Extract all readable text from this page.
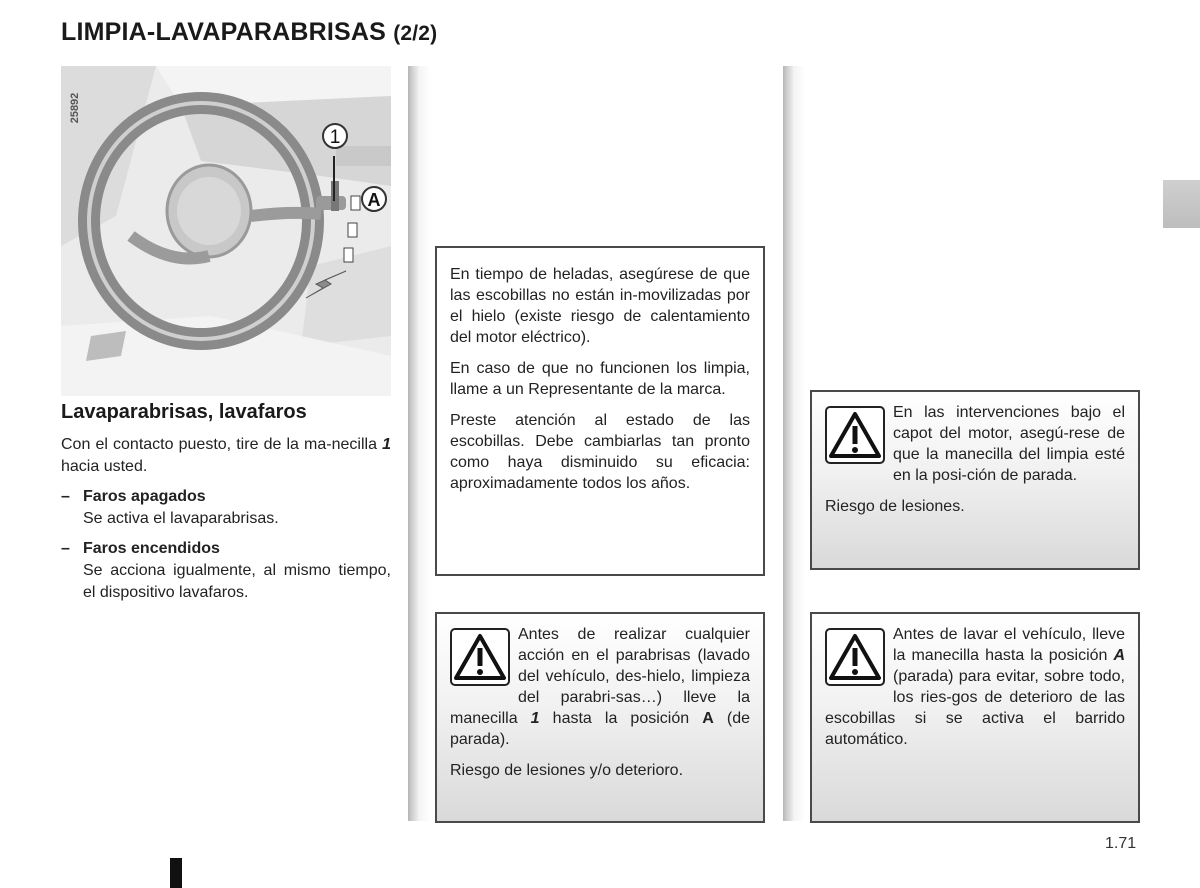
LIMPIA-LAVAPARABRISAS (2/2)
1
A
25892
Lavaparabrisas, lavafaros
Con el contacto puesto, tire de la ma-necilla 1 hacia usted.
– Faros apagados
Se activa el lavaparabrisas.
– Faros encendidos
Se acciona igualmente, al mismo tiempo, el dispositivo lavafaros.

En tiempo de heladas, asegúrese de que las escobillas no están in-movilizadas por el hielo (existe riesgo de calentamiento del motor eléctrico).

En caso de que no funcionen los limpia, llame a un Representante de la marca.

Preste atención al estado de las escobillas. Debe cambiarlas tan pronto como haya disminuido su eficacia: aproximadamente todos los años.

Antes de realizar cualquier acción en el parabrisas (lavado del vehículo, des-hielo, limpieza del parabri-sas…) lleve la manecilla 1 hasta la posición A (de parada).

Riesgo de lesiones y/o deterioro.

En las intervenciones bajo el capot del motor, asegú-rese de que la manecilla del limpia esté en la posi-ción de parada.

Riesgo de lesiones.

Antes de lavar el vehículo, lleve la manecilla hasta la posición A (parada) para evitar, sobre todo, los ries-gos de deterioro de las escobillas si se activa el barrido automático.

1.71
